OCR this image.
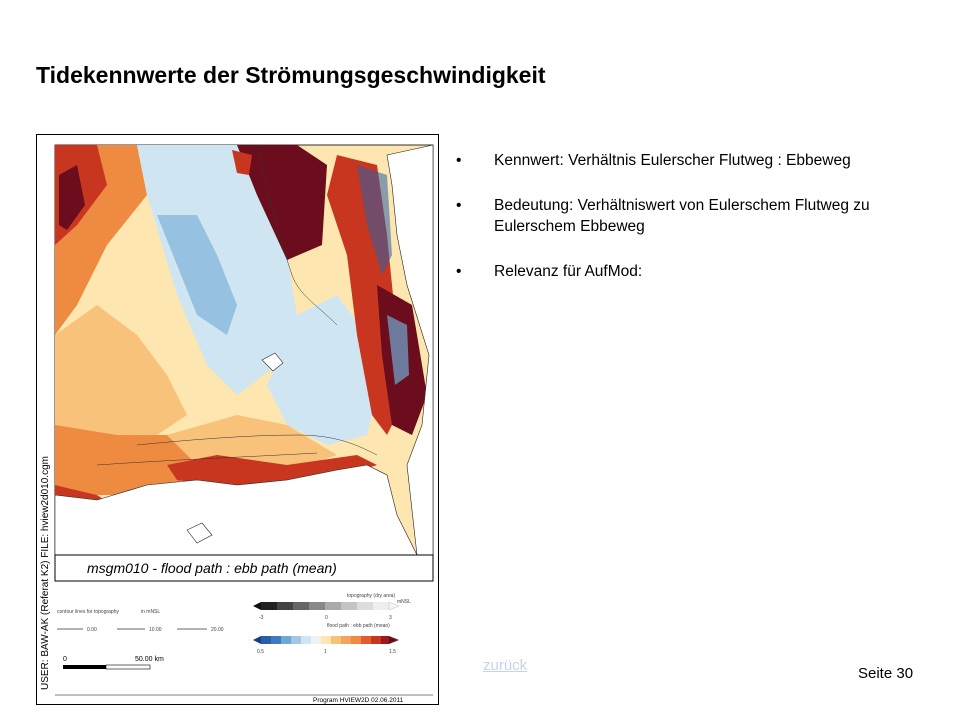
Tidekennwerte der Strömungsgeschwindigkeit
USER: BAW-AK (Referat K2) FILE: hview2d010.cgm	msgm010 - flood path : ebb path (mean)
contour lines for topography	in mNSL
0.00	10.00	20.00
topography (dry area)
mNSL
-3	0	3
flood path : ebb path (mean)
0.5	1	1.5
0	50.00 km
Program HVIEW2D 02.06.2011
• Kennwert: Verhältnis Eulerscher Flutweg : Ebbeweg
• Bedeutung: Verhältniswert von Eulerschem Flutweg zu Eulerschem Ebbeweg
• Relevanz für AufMod:
zurück	Seite 30
